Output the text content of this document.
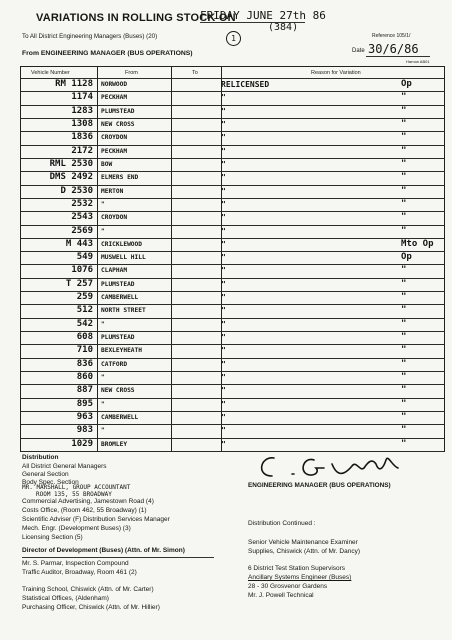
VARIATIONS IN ROLLING STOCK ON
FRIDAY JUNE 27th 86
(384)
To All District Engineering Managers (Buses) (20)	1	Reference 105/1/
From ENGINEERING MANAGER (BUS OPERATIONS)	Date 30/6/86
Harrow AB01
Vehicle Number	From	To	Reason for Variation
RM 1128	NORWOOD	RELICENSED	Op
1174	PECKHAM	"	"
1283	PLUMSTEAD	"	"
1308	NEW CROSS	"	"
1836	CROYDON	"	"
2172	PECKHAM	"	"
RML 2530	BOW	"	"
DMS 2492	ELMERS END	"	"
D 2530	MERTON	"	"
2532	"	"	"
2543	CROYDON	"	"
2569	"	"	"
M 443	CRICKLEWOOD	"	Mto Op
549	MUSWELL HILL	"	Op
1076	CLAPHAM	"	"
T 257	PLUMSTEAD	"	"
259	CAMBERWELL	"	"
512	NORTH STREET	"	"
542	"	"	"
608	PLUMSTEAD	"	"
710	BEXLEYHEATH	"	"
836	CATFORD	"	"
860	"	"	"
887	NEW CROSS	"	"
895	"	"	"
963	CAMBERWELL	"	"
983	"	"	"
1029	BROMLEY	"	"
Distribution
All District General Managers
General Section
Body Spec. Section
MR. MARSHALL, GROUP ACCOUNTANT
ROOM 135, 55 BROADWAY
Commercial Advertising, Jamestown Road (4)
Costs Office, (Room 462, 55 Broadway) (1)
Scientific Adviser (F) Distribution Services Manager
Mech. Engr. (Development Buses) (3)
Licensing Section (5)
Director of Development (Buses) (Attn. of Mr. Simon)
Mr. S. Parmar, Inspection Compound
Traffic Auditor, Broadway, Room 461 (2)
Training School, Chiswick (Attn. of Mr. Carter)
Statistical Offices, (Aldenham)
Purchasing Officer, Chiswick (Attn. of Mr. Hillier)
ENGINEERING MANAGER (BUS OPERATIONS)
Distribution Continued :
Senior Vehicle Maintenance Examiner
Supplies, Chiswick (Attn. of Mr. Dancy)
6 District Test Station Supervisors
Ancillary Systems Engineer (Buses)
28 - 30 Grosvenor Gardens
Mr. J. Powell Technical
